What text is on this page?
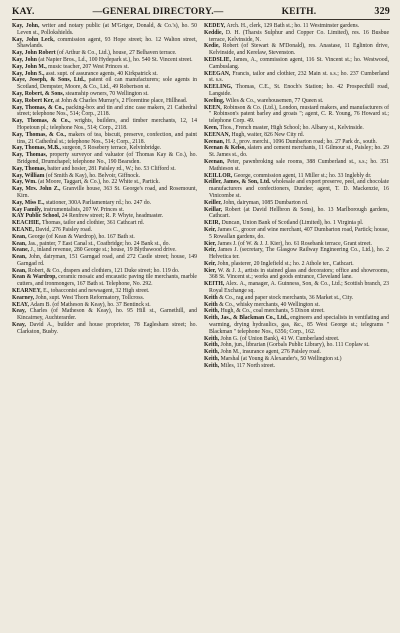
KAY.	—GENERAL DIRECTORY.—	KEITH.	329

Kay, John, writer and notary public (at M'Grigor, Donald, & Co.'s), ho. 50 Leven st., Pollokshields.

Kay, John Leck, commission agent, 93 Hope street; ho. 12 Walton street, Shawlands.

Kay, John Robert (of Arthur & Co., Ltd.), house, 27 Belhaven terrace.

Kay, John (at Napier Bros., Ld., 100 Hydepark st.), ho. 540 St. Vincent street.

Kay, John M., music teacher, 207 West Princes st.

Kay, John S., asst. supt. of assurance agents, 40 Kirkpatrick st.

Kaye, Joseph, & Sons, Ltd., patent oil can manufacturers; sole agents in Scotland, Dempster, Moore, & Co., Ltd., 49 Robertson st.

Kay, Robert, & Sons, steamship owners, 70 Wellington st.

Kay, Robert Ker, at John & Charles Murray's, 2 Florentine place, Hillhead.

Kay, Thomas, & Co., packing-box and tin and zinc case makers, 21 Cathedral street; telephone Nos., 514; Corp., 2118.

Kay, Thomas, & Co., wrights, builders, and timber merchants, 12, 14 Hopetoun pl.; telephone Nos., 514; Corp., 2118.

Kay, Thomas, & Co., makers of tea, biscuit, preserve, confection, and paint tins, 21 Cathedral st.; telephone Nos., 514; Corp., 2118.

Kay, Thomas, M.B., surgeon, 5 Rosebery terrace, Kelvinbridge.

Kay, Thomas, property surveyor and valuator (of Thomas Kay & Co.), ho. Bridgend, Drumchapel; telephone No., 190 Bearsden.

Kay, Thomas, baiter and hosier, 281 Paisley rd., W.; ho. 53 Clifford st.

Kay, William (of Smith & Kay), ho. Belvoir, Giffnock.

Kay, Wm. (at Moore, Taggart, & Co.), ho. 22 White st., Partick.

Kay, Mrs. John Z., Granville house, 363 St. George's road, and Rosemount, Kirn.

Kay, Miss E., stationer, 300A Parliamentary rd.; ho. 247 do.

Kay Family, instrumentalists, 207 W. Princes st.

KAY Public School, 24 Renfrew street; R. P. Whyte, headmaster.

KEACHIE, Thomas, tailor and clothier, 361 Cathcart rd.

KEANE, David, 276 Paisley road.

Kean, George (of Kean & Wardrop), ho. 167 Bath st.

Kean, Jas., painter, 7 East Canal st., Coatbridge; ho. 24 Bank st., do.

Keane, J., inland revenue, 280 George st.; house, 19 Blythswood drive.

Kean, John, dairyman, 151 Garngad road, and 272 Castle street; house, 149 Garngad rd.

Kean, Robert, & Co., drapers and clothiers, 121 Duke street; ho. 119 do.

Kean & Wardrop, ceramic mosaic and encaustic paving tile merchants, marble cutters, and ironmongers, 167 Bath st. Telephone, No. 292.

KEARNEY, E., tobacconist and newsagent, 32 High street.

Kearney, John, supt. West Thorn Reformatory, Tollcross.

KEAY, Adam B. (of Matheson & Keay), ho. 37 Bentinck st.

Keay, Charles (of Matheson & Keay), ho. 95 Hill st., Garnethill, and Kincairney, Auchterarder.

Keay, David A., builder and house proprietor, 78 Eaglesham street; ho. Clarkston, Busby.

KEDEY, Arch. H., clerk, 129 Bath st.; ho. 11 Westminster gardens.

Keddie, D. H. (Tharsis Sulphur and Copper Co. Limited), res. 16 Busbue terrace, Kelvinside, N.

Kedie, Robert (of Stewart & M'Donald), res. Anastase, 11 Eglinton drive, Kelvinside, and Kerelaw, Stevenston.

KEDSLIE, James, A., commission agent, 116 St. Vincent st.; ho. Westwood, Cambuslang.

KEEGAN, Francis, tailor and clothier, 232 Main st. s.s.; ho. 237 Cumberland st. s.s.

KEELING, Thomas, C.E., St. Enoch's Station; ho. 42 Prospecthill road, Langside.

Keeling, Wiles & Co., warehousemen, 77 Queen st.

KEEN, Robinson & Co. (Ltd.), London, mustard makers, and manufacturers of " Robinson's patent barley and groats "; agent, C. R. Young, 76 Howard st.; telephone Corp. 49.

Keen, Thos., French master, High School; ho. Albany st., Kelvinside.

KEENAN, Hugh, waiter, 826 New City rd.

Keenan, H. J., prov. merchi., 1096 Dumbarton road; ho. 27 Park dr., south.

Keenan & Kelso, slaters and cement merchants, 11 Gilmour st., Paisley; ho. 29 St. James st., do.

Keenan, Peter, pawnbroking sale rooms, 388 Cumberland st., s.s.; ho. 351 Mathieson st.

KEILLOR, George, commission agent, 11 Miller st.; ho. 33 Inglebly dr.

Keiller, James, & Son, Ltd. wholesale and export preserve, peel, and chocolate manufacturers and confectioners, Dundee; agent, T. D. Mackenzie, 16 Vinicombe st.

Keiller, John, dairyman, 1085 Dumbarton rd.

Keillar, Robert (at David Hellbron & Sons), ho. 13 Marlborough gardens, Cathcart.

KEIR, Duncan, Union Bank of Scotland (Limited), ho. 1 Virginia pl.

Keir, James C., grocer and wine merchant, 407 Dumbarton road, Partick; house, 5 Rowallan gardens, do.

Kier, James J. (of W. & J. J. Kier), ho. 61 Rosebank terrace, Grant street.

Keir, James J. (secretary, The Glasgow Railway Engineering Co., Ltd.), ho. 2 Helvetica ter.

Keir, John, plasterer, 20 Inglefield st.; ho. 2 Athole ter., Cathcart.

Kier, W. & J. J., artists in stained glass and decorators; office and showrooms, 368 St. Vincent st.; works and goods entrance, Cleveland lane.

KEITH, Alex. A., manager, A. Guinness, Son, & Co., Ltd.; Scottish branch, 23 Royal Exchange sq.

Keith & Co., rag and paper stock merchants, 36 Market st., City.

Keith & Co., whisky merchants, 40 Wellington st.

Keith, Hugh, & Co., coal merchants, 5 Dixon street.

Keith, Jas., & Blackman Co., Ltd., engineers and specialists in ventilating and warming, drying hydraulics, gas, &c., 85 West George st.; telegrams " Blackman " telephone Nos., 6356; Corp., 162.

Keith, John G. (of Union Bank), 41 W. Cumberland street.

Keith, John, jun., librarian (Gorbals Public Library), ho. 111 Coplaw st.

Keith, John M., insurance agent, 276 Paisley road.

Keith, Marshal (at Young & Alexander's, 50 Wellington st.)

Keith, Miles, 117 North street.
